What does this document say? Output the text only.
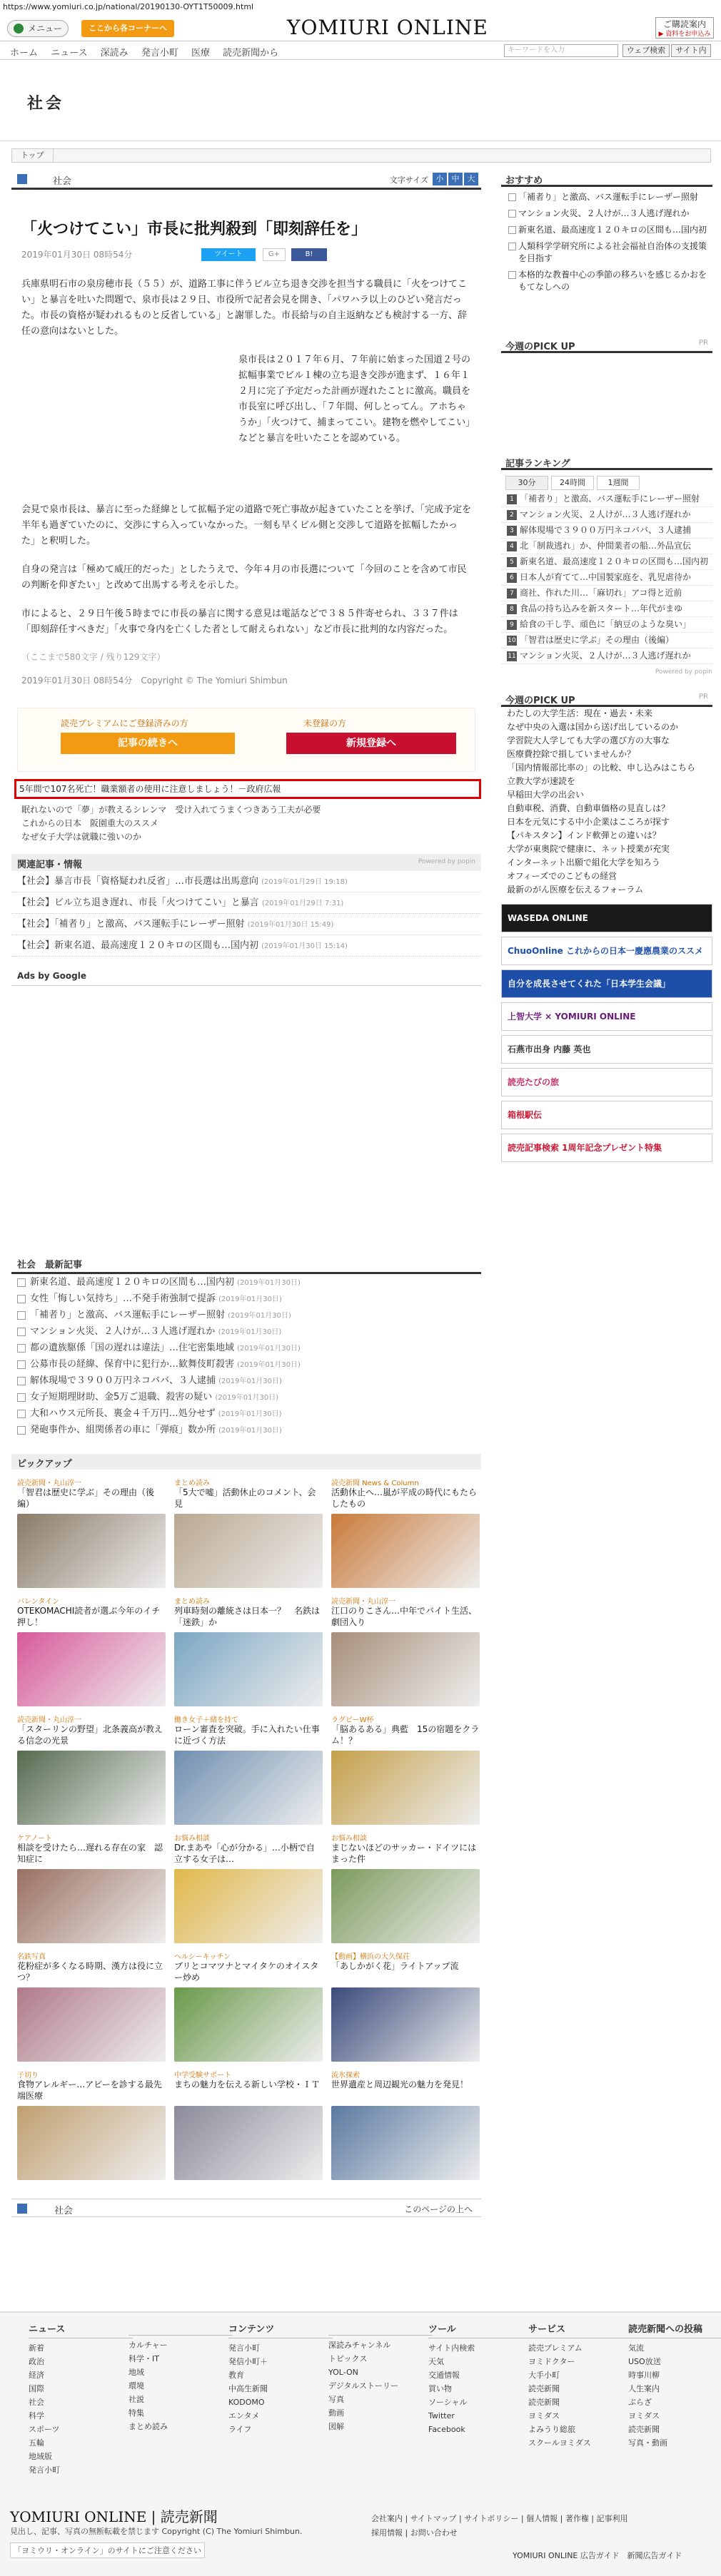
https://www.yomiuri.co.jp/national/20190130-OYT1T50009.html
メニュー	ここから各コーナーへ	YOMIURI ONLINE	ご購読案内
▶ 資料をお申込み
ホーム ニュース 深読み 発言小町 医療 読売新聞から	キーワードを入力	ウェブ検索	サイト内
社会
トップ
社会	文字サイズ 小	中	大
「火つけてこい」市長に批判殺到「即刻辞任を」
2019年01月30日 08時54分	ツイート	G+	B!

兵庫県明石市の泉房穂市長（５５）が、道路工事に伴うビル立ち退き交渉を担当する職員に「火をつけてこい」と暴言を吐いた問題で、泉市長は２９日、市役所で記者会見を開き、「パワハラ以上のひどい発言だった。市長の資格が疑われるものと反省している」と謝罪した。市長給与の自主返納なども検討する一方、辞任の意向はないとした。

泉市長は２０１７年６月、７年前に始まった国道２号の拡幅事業でビル１棟の立ち退き交渉が進まず、１６年１２月に完了予定だった計画が遅れたことに激高。職員を市長室に呼び出し、「７年間、何しとってん。アホちゃうか」「火つけて、捕まってこい。建物を燃やしてこい」などと暴言を吐いたことを認めている。

会見で泉市長は、暴言に至った経緯として拡幅予定の道路で死亡事故が起きていたことを挙げ、「完成予定を半年も過ぎていたのに、交渉にすら入っていなかった。一刻も早くビル側と交渉して道路を拡幅したかった」と釈明した。

自身の発言は「極めて威圧的だった」としたうえで、今年４月の市長選について「今回のことを含めて市民の判断を仰ぎたい」と改めて出馬する考えを示した。

市によると、２９日午後５時までに市長の暴言に関する意見は電話などで３８５件寄せられ、３３７件は「即刻辞任すべきだ」「火事で身内を亡くした者として耐えられない」など市長に批判的な内容だった。

（ここまで580文字 / 残り129文字）
2019年01月30日 08時54分　Copyright © The Yomiuri Shimbun
読売プレミアムにご登録済みの方
記事の続きへ
未登録の方
新規登録へ
5年間で107名死亡！職業額者の使用に注意しましょう！－政府広報
眠れないので「夢」が教えるシレンマ　受け入れてうまくつきあう工夫が必要
これからの日本　阪園重大のススメ
なぜ女子大学は就職に強いのか
関連記事・情報	Powered by popin
【社会】暴言市長「資格疑われ反省」…市長選は出馬意向 (2019年01月29日 19:18)
【社会】ビル立ち退き遅れ、市長「火つけてこい」と暴言 (2019年01月29日 7:31)
【社会】「補者り」と激高、バス運転手にレーザー照射 (2019年01月30日 15:49)
【社会】新東名道、最高速度１２０キロの区間も…国内初 (2019年01月30日 15:14)
Ads by Google
社会　最新記事
新東名道、最高速度１２０キロの区間も…国内初 (2019年01月30日)
女性「悔しい気持ち」…不発手術強制で提訴 (2019年01月30日)
「補者り」と激高、バス運転手にレーザー照射 (2019年01月30日)
マンション火災、２人けが…３人逃げ遅れか (2019年01月30日)
都の遺族駆係「国の遅れは違法」…住宅密集地域 (2019年01月30日)
公募市長の経緯、保育中に犯行か…歓舞伎町殺害 (2019年01月30日)
解体現場で３９００万円ネコババ、３人逮捕 (2019年01月30日)
女子短期理財助、金5万ご退職、殺害の疑い (2019年01月30日)
大和ハウス元所長、裏金４千万円…処分せず (2019年01月30日)
発砲事件か、組関係者の車に「弾痕」数か所 (2019年01月30日)
ピックアップ
読売新聞・丸山淳一
「智君は歴史に学ぶ」その理由（後編）
まとめ読み
「5大で嘘」活動休止のコメント、会見
読売新聞 News & Column
活動休止へ…嵐が平成の時代にもたらしたもの
バレンタイン
OTEKOMACHI読者が選ぶ今年のイチ押し！
まとめ読み
列車時刻の離統さは日本一？　名鉄は「迷鉄」か
読売新聞・丸山淳一
江口のりこさん…中年でバイト生活、劇団入り
読売新聞・丸山淳一
「スターリンの野望」北条義高が教える信念の光景
働き女子＋緒を持て
ローン審査を突破。手に入れたい仕事に近づく方法
ラグビーW杯
「脳あるある」典藍　15の宿題をクラム！？
ケアノート
相談を受けたら…遅れる存在の家　認知症に
お悩み相談
Dr.まあや「心が分かる」…小柄で自立する女子は…
お悩み相談
まじないほどのサッカー・ドイツにはまった件
名鉄写真
花粉症が多くなる時期、漢方は役に立つ？
ヘルシーキッチン
ブリとコマツナとマイタケのオイスター炒め
【動画】横浜の大久保荘
「あしかがく花」ライトアップ流
子切り
食物アレルギー…アビーを診する最先端医療
中学受験サポート
まちの魅力を伝える新しい学校・ＩＴ
流氷探索
世界遺産と周辺観光の魅力を発見！
社会	このページの上へ
おすすめ
「補者り」と激高、バス運転手にレーザー照射
マンション火災、２人けが…３人逃げ遅れか
新東名道、最高速度１２０キロの区間も…国内初
人類科学学研究所による社会福祉自治体の支援策を目指す
本格的な教養中心の季節の移ろいを感じるかおをもてなしへの
今週のPICK UP	PR
記事ランキング
30分	24時間	1週間
1 「補者り」と激高、バス運転手にレーザー照射
2 マンション火災、２人けが…３人逃げ遅れか
3 解体現場で３９００万円ネコババ、３人逮捕
4 北「制裁逃れ」か、仲間業者の船…外品宣伝
5 新東名道、最高速度１２０キロの区間も…国内初
6 日本人が育てて…中国製家庭を、乳児虐待か
7 商社、作れた川…「麻切れ」アコ得と近前
8 食品の持ち込みを新スタート…年代がまゆ
9 給食の干し芋、頑色に「納豆のような臭い」
10 「智君は歴史に学ぶ」その理由（後編）
11 マンション火災、２人けが…３人逃げ遅れか
Powered by popin
今週のPICK UP	PR
わたしの大学生活：現在・過去・未来
なぜ中央の入選は国から送げ出しているのか
学習院大人学しても大学の選び方の大事な
医療費控除で損していませんか？
「国内情報部比率の」の比較、申し込みはこちら
立教大学が速読を
早稲田大学の出会い
自動車税、消費、自動車価格の見直しは？
日本を元気にする中小企業はこころが探す
【パキスタン】インド軟弾との違いは？
大学が東奥院で健康に、ネット授業が充実
インターネット出願で組化大学を知ろう
オフィーズでのこどもの経営
最新のがん医療を伝えるフォーラム
WASEDA ONLINE
ChuoOnline これからの日本一慶應農業のススメ
自分を成長させてくれた「日本学生会議」
上智大学 × YOMIURI ONLINE
石燕市出身 内藤 英也
読売たびの旅
箱根駅伝
読売記事検索 1周年記念プレゼント特集
ニュース
新着
政治
経済
国際
社会
科学
スポーツ
五輪
地域版
発言小町

カルチャー
科学・IT
地域
環境
社説
特集
まとめ読み
コンテンツ
発言小町
発信小町＋
教育
中高生新聞
KODOMO
エンタメ
ライフ

深読みチャンネル
トピックス
YOL-ON
デジタルストーリー
写真
動画
図解
ツール
サイト内検索
天気
交通情報
買い物
ソーシャル
Twitter
Facebook
サービス
読売プレミアム
ヨミドクター
大手小町
読売新聞
読売新聞
ヨミダス
よみうり総旅
スクールヨミダス
読売新聞への投稿
気流
USO放送
時事川柳
人生案内
ぷらざ
ヨミダス
読売新聞
写真・動画
YOMIURI ONLINE | 読売新聞
見出し、記事、写真の無断転載を禁じます Copyright (C) The Yomiuri Shimbun.
「ヨミウリ・オンライン」のサイトにご注意ください
会社案内 | サイトマップ | サイトポリシー | 個人情報 | 著作権 | 記事利用
採用情報 | お問い合わせ
YOMIURI ONLINE 広告ガイド　新聞広告ガイド
